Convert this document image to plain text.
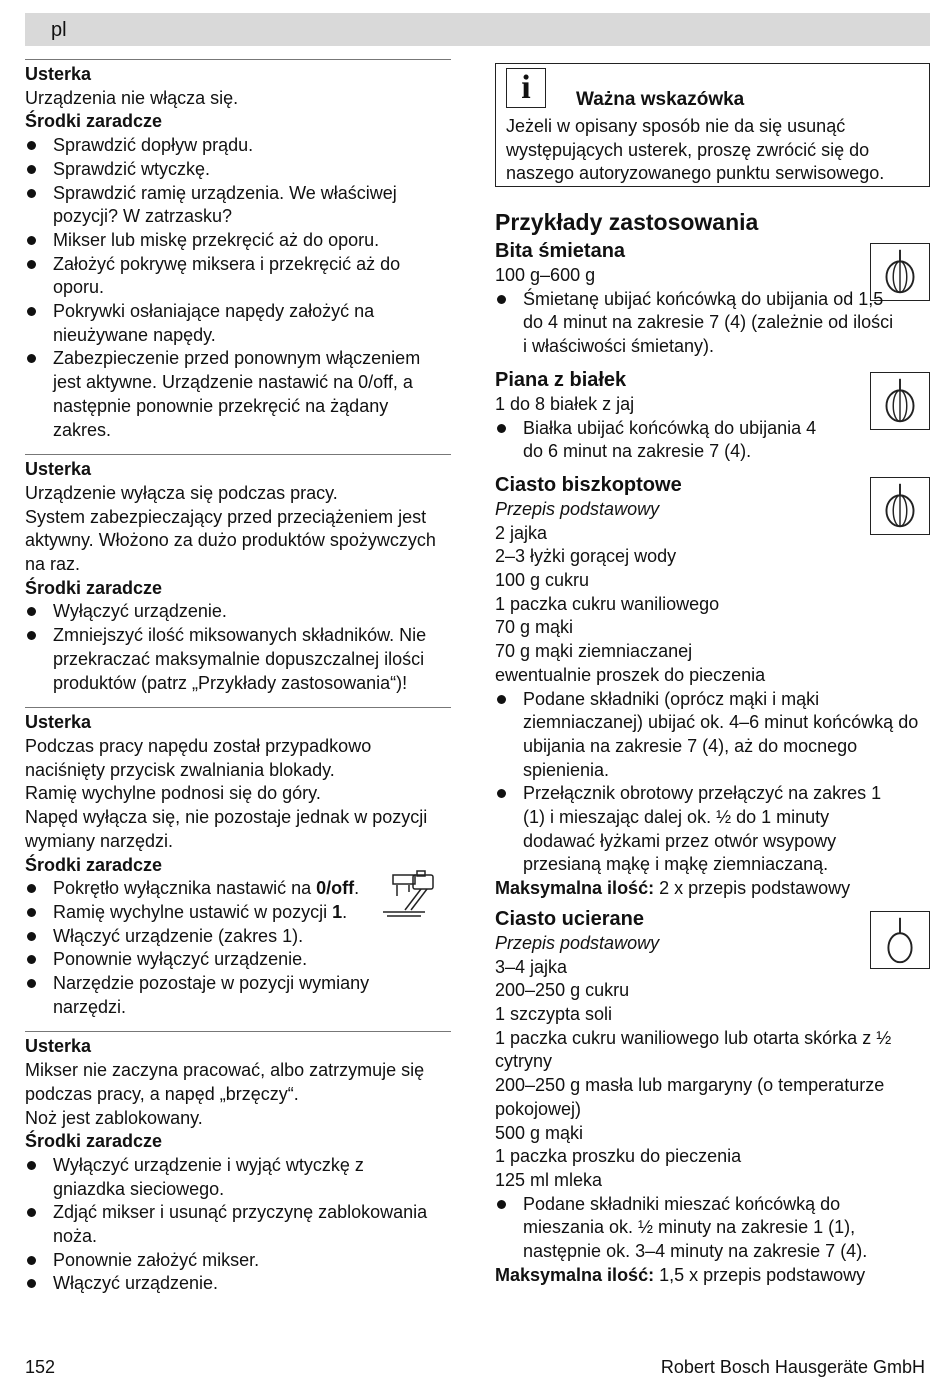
pl
Usterka
Urządzenia nie włącza się.
Środki zaradcze
Sprawdzić dopływ prądu.
Sprawdzić wtyczkę.
Sprawdzić ramię urządzenia. We właściwej pozycji? W zatrzasku?
Mikser lub miskę przekręcić aż do oporu.
Założyć pokrywę miksera i przekręcić aż do oporu.
Pokrywki osłaniające napędy założyć na nieużywane napędy.
Zabezpieczenie przed ponownym włączeniem jest aktywne. Urządzenie nastawić na 0/off, a następnie ponownie przekręcić na żądany zakres.
Usterka
Urządzenie wyłącza się podczas pracy.
System zabezpieczający przed przeciążeniem jest aktywny. Włożono za dużo produktów spożywczych na raz.
Środki zaradcze
Wyłączyć urządzenie.
Zmniejszyć ilość miksowanych składników. Nie przekraczać maksymalnie dopuszczalnej ilości produktów (patrz „Przykłady zastosowania“)!
Usterka
Podczas pracy napędu został przypadkowo naciśnięty przycisk zwalniania blokady.
Ramię wychylne podnosi się do góry.
Napęd wyłącza się, nie pozostaje jednak w pozycji wymiany narzędzi.
Środki zaradcze
Pokrętło wyłącznika nastawić na 0/off.
Ramię wychylne ustawić w pozycji 1.
Włączyć urządzenie (zakres 1).
Ponownie wyłączyć urządzenie.
Narzędzie pozostaje w pozycji wymiany narzędzi.
Usterka
Mikser nie zaczyna pracować, albo zatrzymuje się podczas pracy, a napęd „brzęczy“.
Noż jest zablokowany.
Środki zaradcze
Wyłączyć urządzenie i wyjąć wtyczkę z gniazdka sieciowego.
Zdjąć mikser i usunąć przyczynę zablokowania noża.
Ponownie założyć mikser.
Włączyć urządzenie.
i	Ważna wskazówka
Jeżeli w opisany sposób nie da się usunąć występujących usterek, proszę zwrócić się do naszego autoryzowanego punktu serwisowego.
Przykłady zastosowania
Bita śmietana
100 g–600 g
Śmietanę ubijać końcówką do ubijania od 1,5 do 4 minut na zakresie 7 (4) (zależnie od ilości i właściwości śmietany).
Piana z białek
1 do 8 białek z jaj
Białka ubijać końcówką do ubijania 4 do 6 minut na zakresie 7 (4).
Ciasto biszkoptowe
Przepis podstawowy
2 jajka
2–3 łyżki gorącej wody
100 g cukru
1 paczka cukru waniliowego
70 g mąki
70 g mąki ziemniaczanej
ewentualnie proszek do pieczenia
Podane składniki (oprócz mąki i mąki ziemniaczanej) ubijać ok. 4–6 minut końcówką do ubijania na zakresie 7 (4), aż do mocnego spienienia.
Przełącznik obrotowy przełączyć na zakres 1 (1) i mieszając dalej ok. ½ do 1 minuty dodawać łyżkami przez otwór wsypowy przesianą mąkę i mąkę ziemniaczaną.
Maksymalna ilość: 2 x przepis podstawowy
Ciasto ucierane
Przepis podstawowy
3–4 jajka
200–250 g cukru
1 szczypta soli
1 paczka cukru waniliowego lub otarta skórka z ½ cytryny
200–250 g masła lub margaryny (o temperaturze pokojowej)
500 g mąki
1 paczka proszku do pieczenia
125 ml mleka
Podane składniki mieszać końcówką do mieszania ok. ½ minuty na zakresie 1 (1), następnie ok. 3–4 minuty na zakresie 7 (4).
Maksymalna ilość: 1,5 x przepis podstawowy
152	Robert Bosch Hausgeräte GmbH
